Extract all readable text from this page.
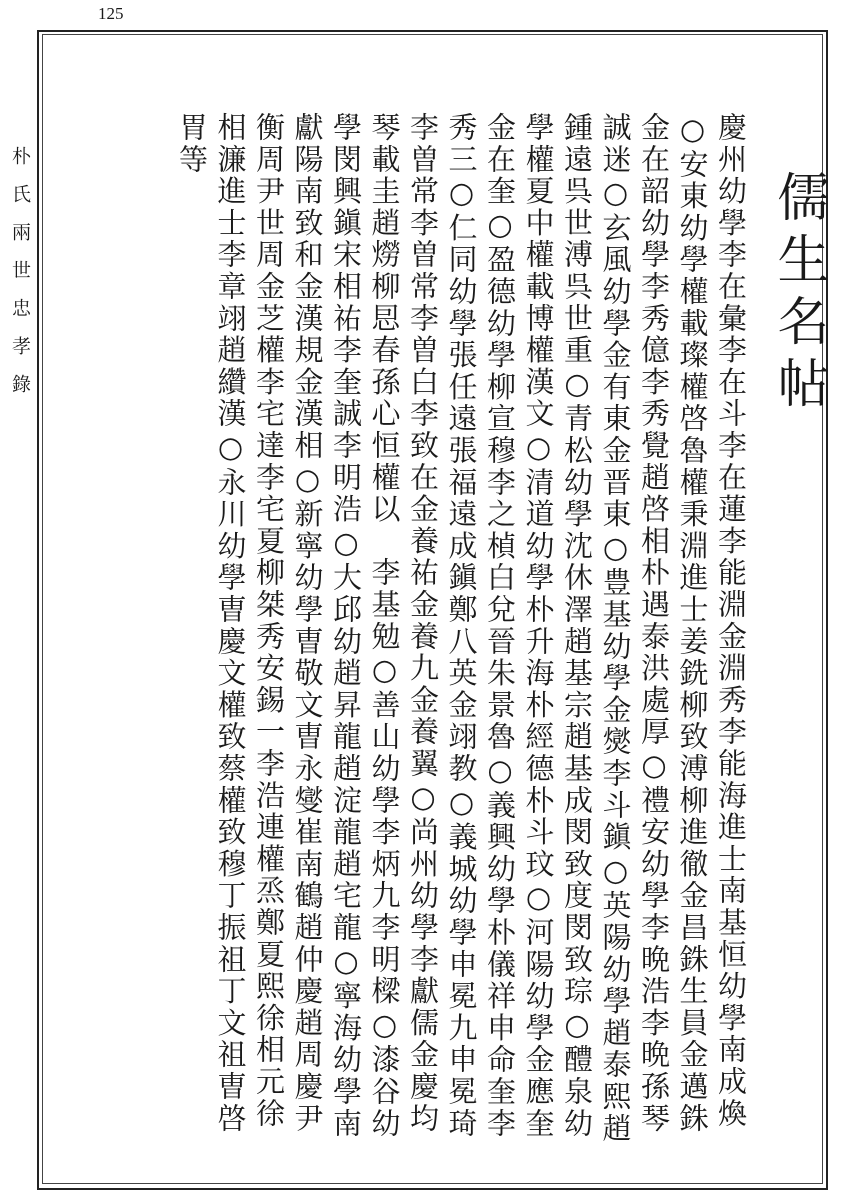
125
朴氏兩世忠孝錄	儒生名帖
慶州幼學李在彙李在斗李在蓮李能淵金淵秀李能海進士南基恒幼學南成煥
○安東幼學權載璨權啓魯權秉淵進士姜銑柳致溥柳進徹金昌銖生員金邁銖
金在韶幼學李秀億李秀覺趙啓相朴遇泰洪處厚○禮安幼學李晩浩李晩孫琴
誠迷○玄風幼學金有東金晋東○豊基幼學金爕李斗鎭○英陽幼學趙泰熙趙
鍾遠呉世溥呉世重○青松幼學沈休澤趙基宗趙基成閔致度閔致琮○醴泉幼
學權夏中權載博權漢文○清道幼學朴升海朴經德朴斗玟○河陽幼學金應奎
金在奎○盈德幼學柳宣穆李之楨白兌晉朱景魯○義興幼學朴儀祥申命奎李
秀三○仁同幼學張任遠張福遠成鎭鄭八英金翊教○義城幼學申冕九申冕琦
李曽常李曽常李曽白李致在金養祐金養九金養翼○尚州幼學李獻儒金慶均
琴載圭趙𤏪柳㤙春孫心恒權以　李基勉○善山幼學李炳九李明樑○漆谷幼
學閔興鎭宋相祐李奎誠李明浩○大邱幼趙昇龍趙淀龍趙宅龍○寧海幼學南
獻陽南致和金漢規金漢相○新寧幼學曺敬文曺永燮崔南鶴趙仲慶趙周慶尹
衡周尹世周金芝權李宅達李宅夏柳桀秀安錫一李浩連權烝鄭夏熙徐相元徐
相濂進士李章翊趙纘漢○永川幼學曺慶文權致蔡權致穆丁振祖丁文祖曺啓
胃等
